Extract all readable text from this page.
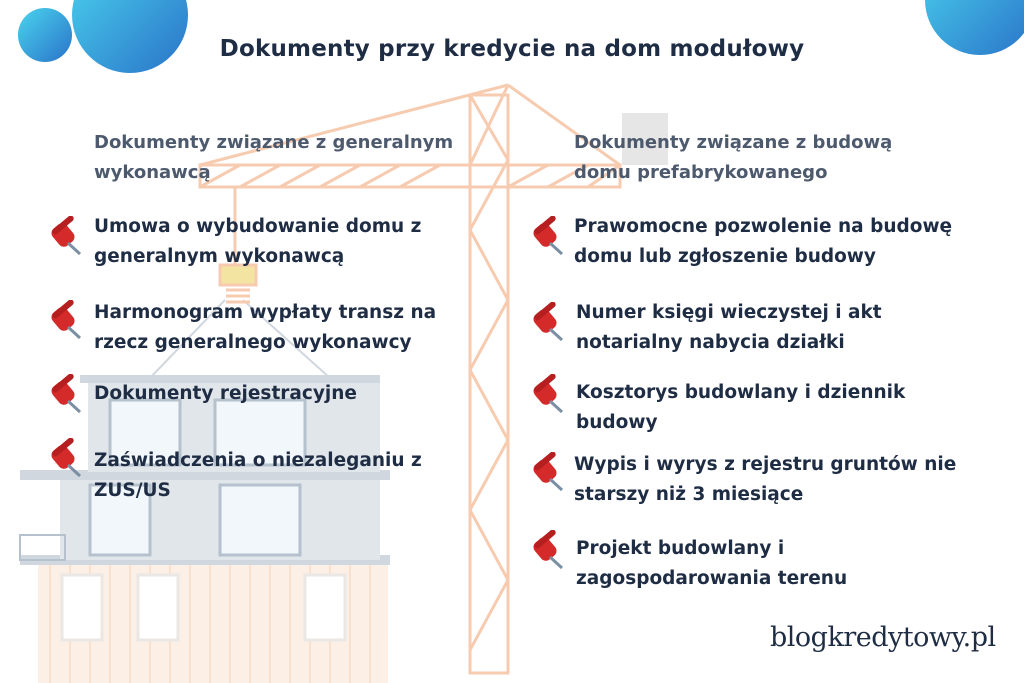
Dokumenty przy kredycie na dom modułowy
Dokumenty związane z generalnym
wykonawcą
Umowa o wybudowanie domu z
generalnym wykonawcą
Harmonogram wypłaty transz na
rzecz generalnego wykonawcy
Dokumenty rejestracyjne
Zaświadczenia o niezaleganiu z
ZUS/US
Dokumenty związane z budową
domu prefabrykowanego
Prawomocne pozwolenie na budowę
domu lub zgłoszenie budowy
Numer księgi wieczystej i akt
notarialny nabycia działki
Kosztorys budowlany i dziennik
budowy
Wypis i wyrys z rejestru gruntów nie
starszy niż 3 miesiące
Projekt budowlany i
zagospodarowania terenu
blogkredytowy.pl
